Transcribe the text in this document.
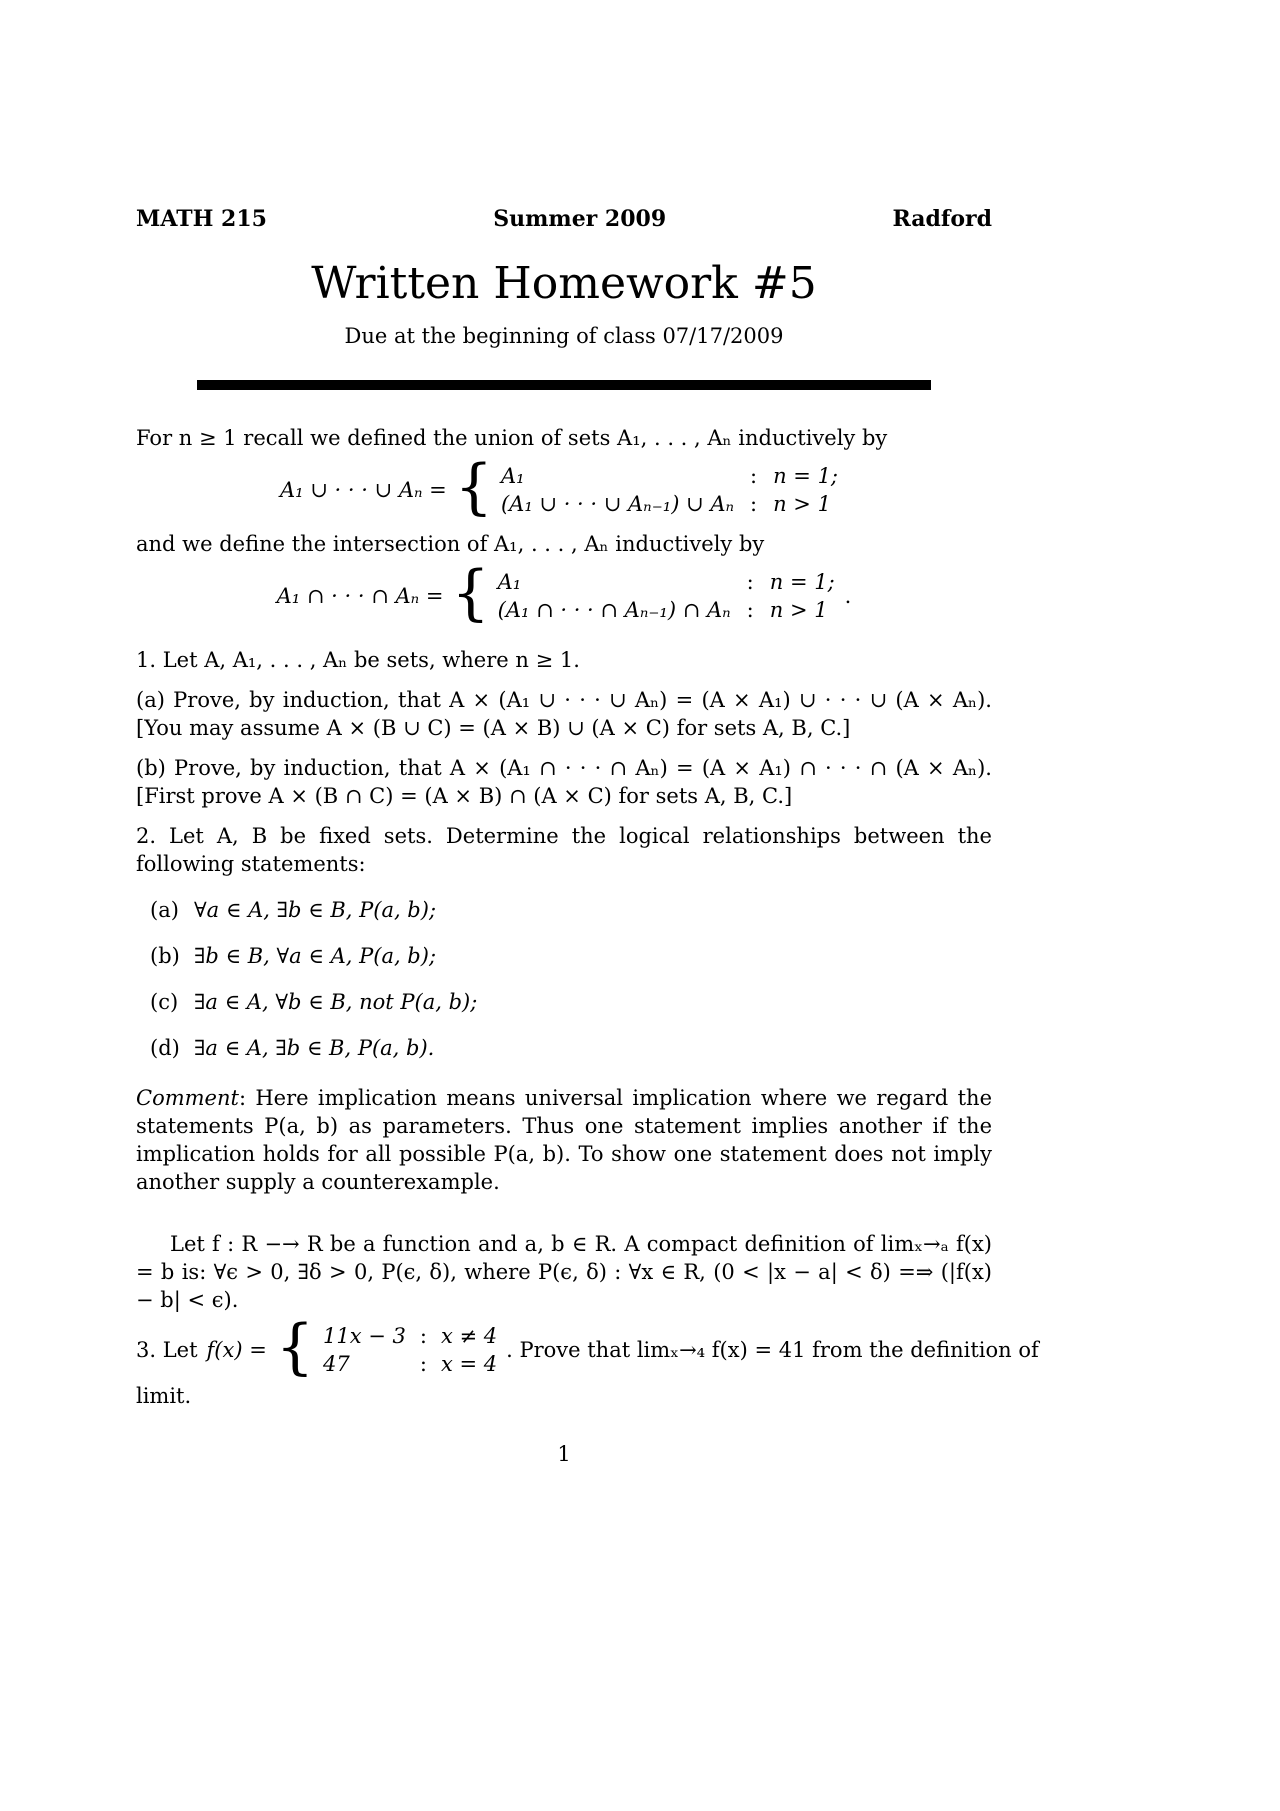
MATH 215	Summer 2009	Radford
Written Homework #5
Due at the beginning of class 07/17/2009

For n ≥ 1 recall we defined the union of sets A₁, . . . , Aₙ inductively by

A₁ ∪ · · · ∪ Aₙ = { A₁	: n = 1;
(A₁ ∪ · · · ∪ Aₙ₋₁) ∪ Aₙ : n > 1

and we define the intersection of A₁, . . . , Aₙ inductively by

A₁ ∩ · · · ∩ Aₙ = { A₁	: n = 1;
(A₁ ∩ · · · ∩ Aₙ₋₁) ∩ Aₙ : n > 1
.

1. Let A, A₁, . . . , Aₙ be sets, where n ≥ 1.

(a) Prove, by induction, that A × (A₁ ∪ · · · ∪ Aₙ) = (A × A₁) ∪ · · · ∪ (A × Aₙ). [You may assume A × (B ∪ C) = (A × B) ∪ (A × C) for sets A, B, C.]

(b) Prove, by induction, that A × (A₁ ∩ · · · ∩ Aₙ) = (A × A₁) ∩ · · · ∩ (A × Aₙ). [First prove A × (B ∩ C) = (A × B) ∩ (A × C) for sets A, B, C.]

2. Let A, B be fixed sets. Determine the logical relationships between the following statements:

(a) ∀a ∈ A, ∃b ∈ B, P(a, b);
(b) ∃b ∈ B, ∀a ∈ A, P(a, b);
(c) ∃a ∈ A, ∀b ∈ B, not P(a, b);
(d) ∃a ∈ A, ∃b ∈ B, P(a, b).

Comment: Here implication means universal implication where we regard the statements P(a, b) as parameters. Thus one statement implies another if the implication holds for all possible P(a, b). To show one statement does not imply another supply a counterexample.

Let f : R −→ R be a function and a, b ∈ R. A compact definition of limₓ→ₐ f(x) = b is: ∀ϵ > 0, ∃δ > 0, P(ϵ, δ), where P(ϵ, δ) : ∀x ∈ R, (0 < |x − a| < δ) =⇒ (|f(x) − b| < ϵ).

3. Let f(x) = { 11x − 3 : x ≠ 4
47	: x = 4
. Prove that limₓ→₄ f(x) = 41 from the definition of

limit.

1
